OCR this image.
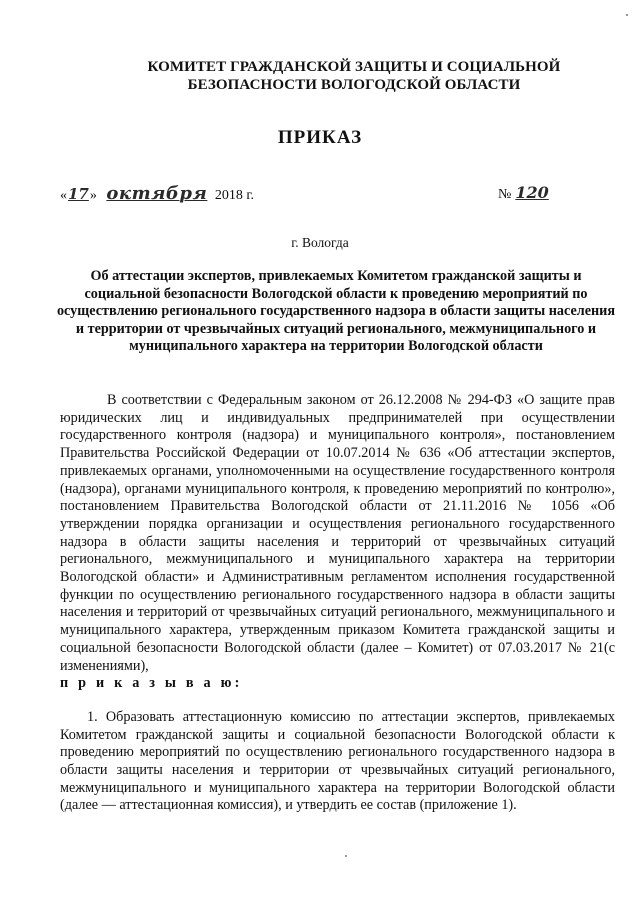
КОМИТЕТ ГРАЖДАНСКОЙ ЗАЩИТЫ И СОЦИАЛЬНОЙ
БЕЗОПАСНОСТИ ВОЛОГОДСКОЙ ОБЛАСТИ
ПРИКАЗ
«17» октября 2018 г.	№ 120
г. Вологда
Об аттестации экспертов, привлекаемых Комитетом гражданской защиты и социальной безопасности Вологодской области к проведению мероприятий по осуществлению регионального государственного надзора в области защиты населения и территории от чрезвычайных ситуаций регионального, межмуниципального и муниципального характера на территории Вологодской области

В соответствии с Федеральным законом от 26.12.2008 № 294-ФЗ «О защите прав юридических лиц и индивидуальных предпринимателей при осуществлении государственного контроля (надзора) и муниципального контроля», постановлением Правительства Российской Федерации от 10.07.2014 № 636 «Об аттестации экспертов, привлекаемых органами, уполномоченными на осуществление государственного контроля (надзора), органами муниципального контроля, к проведению мероприятий по контролю», постановлением Правительства Вологодской области от 21.11.2016 № 1056 «Об утверждении порядка организации и осуществления регионального государственного надзора в области защиты населения и территорий от чрезвычайных ситуаций регионального, межмуниципального и муниципального характера на территории Вологодской области» и Административным регламентом исполнения государственной функции по осуществлению регионального государственного надзора в области защиты населения и территорий от чрезвычайных ситуаций регионального, межмуниципального и муниципального характера, утвержденным приказом Комитета гражданской защиты и социальной безопасности Вологодской области (далее – Комитет) от 07.03.2017 № 21(с изменениями),

п р и к а з ы в а ю:

1. Образовать аттестационную комиссию по аттестации экспертов, привлекаемых Комитетом гражданской защиты и социальной безопасности Вологодской области к проведению мероприятий по осуществлению регионального государственного надзора в области защиты населения и территории от чрезвычайных ситуаций регионального, межмуниципального и муниципального характера на территории Вологодской области (далее — аттестационная комиссия), и утвердить ее состав (приложение 1).
